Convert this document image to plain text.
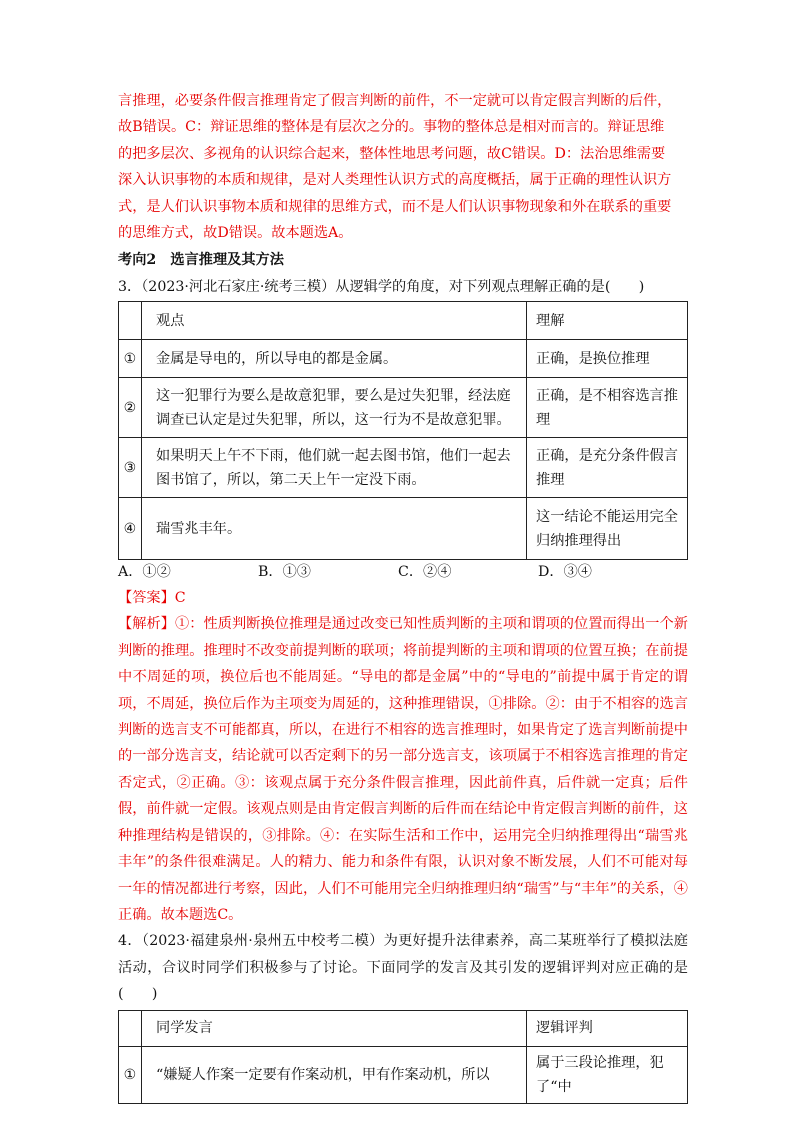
言推理，必要条件假言推理肯定了假言判断的前件，不一定就可以肯定假言判断的后件，

故B错误。C：辩证思维的整体是有层次之分的。事物的整体总是相对而言的。辩证思维

的把多层次、多视角的认识综合起来，整体性地思考问题，故C错误。D：法治思维需要

深入认识事物的本质和规律，是对人类理性认识方式的高度概括，属于正确的理性认识方

式，是人们认识事物本质和规律的思维方式，而不是人们认识事物现象和外在联系的重要

的思维方式，故D错误。故本题选A。

考向2　选言推理及其方法

3．（2023·河北石家庄·统考三模）从逻辑学的角度，对下列观点理解正确的是(　　)

	观点	理解
①	金属是导电的，所以导电的都是金属。	正确，是换位推理
②	这一犯罪行为要么是故意犯罪，要么是过失犯罪，经法庭调查已认定是过失犯罪，所以，这一行为不是故意犯罪。	正确，是不相容选言推理
③	如果明天上午不下雨，他们就一起去图书馆，他们一起去图书馆了，所以，第二天上午一定没下雨。	正确，是充分条件假言推理
④	瑞雪兆丰年。	这一结论不能运用完全归纳推理得出
A．①②	B．①③	C．②④	D．③④
【答案】C

【解析】①：性质判断换位推理是通过改变已知性质判断的主项和谓项的位置而得出一个新判断的推理。推理时不改变前提判断的联项；将前提判断的主项和谓项的位置互换；在前提中不周延的项，换位后也不能周延。“导电的都是金属”中的“导电的”前提中属于肯定的谓项，不周延，换位后作为主项变为周延的，这种推理错误，①排除。②：由于不相容的选言判断的选言支不可能都真，所以，在进行不相容的选言推理时，如果肯定了选言判断前提中的一部分选言支，结论就可以否定剩下的另一部分选言支，该项属于不相容选言推理的肯定否定式，②正确。③：该观点属于充分条件假言推理，因此前件真，后件就一定真；后件假，前件就一定假。该观点则是由肯定假言判断的后件而在结论中肯定假言判断的前件，这种推理结构是错误的，③排除。④：在实际生活和工作中，运用完全归纳推理得出“瑞雪兆丰年”的条件很难满足。人的精力、能力和条件有限，认识对象不断发展，人们不可能对每一年的情况都进行考察，因此，人们不可能用完全归纳推理归纳“瑞雪”与“丰年”的关系，④正确。故本题选C。

4．（2023·福建泉州·泉州五中校考二模）为更好提升法律素养，高二某班举行了模拟法庭活动，合议时同学们积极参与了讨论。下面同学的发言及其引发的逻辑评判对应正确的是(　　)

	同学发言	逻辑评判
①	“嫌疑人作案一定要有作案动机，甲有作案动机，所以	属于三段论推理，犯了“中
